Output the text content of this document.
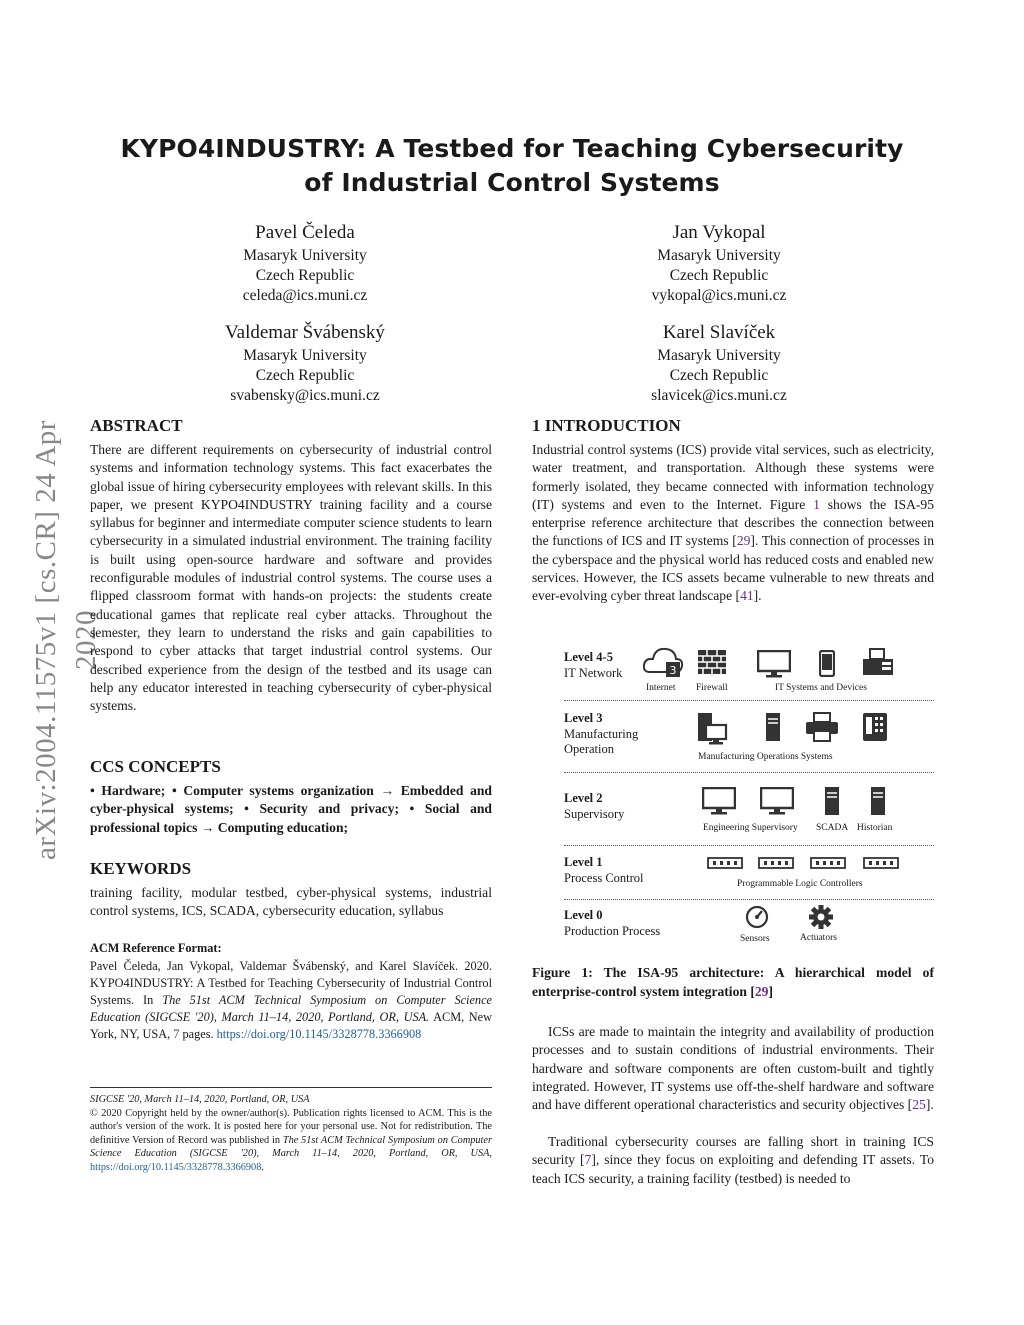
arXiv:2004.11575v1 [cs.CR] 24 Apr 2020
KYPO4INDUSTRY: A Testbed for Teaching Cybersecurity
of Industrial Control Systems
Pavel Čeleda
Masaryk University
Czech Republic
celeda@ics.muni.cz
Jan Vykopal
Masaryk University
Czech Republic
vykopal@ics.muni.cz
Valdemar Švábenský
Masaryk University
Czech Republic
svabensky@ics.muni.cz
Karel Slavíček
Masaryk University
Czech Republic
slavicek@ics.muni.cz
ABSTRACT
There are different requirements on cybersecurity of industrial control systems and information technology systems. This fact exacerbates the global issue of hiring cybersecurity employees with relevant skills. In this paper, we present KYPO4INDUSTRY training facility and a course syllabus for beginner and intermediate computer science students to learn cybersecurity in a simulated industrial environment. The training facility is built using open-source hardware and software and provides reconfigurable modules of industrial control systems. The course uses a flipped classroom format with hands-on projects: the students create educational games that replicate real cyber attacks. Throughout the semester, they learn to understand the risks and gain capabilities to respond to cyber attacks that target industrial control systems. Our described experience from the design of the testbed and its usage can help any educator interested in teaching cybersecurity of cyber-physical systems.
CCS CONCEPTS
• Hardware; • Computer systems organization → Embedded and cyber-physical systems; • Security and privacy; • Social and professional topics → Computing education;
KEYWORDS
training facility, modular testbed, cyber-physical systems, industrial control systems, ICS, SCADA, cybersecurity education, syllabus
ACM Reference Format:
Pavel Čeleda, Jan Vykopal, Valdemar Švábenský, and Karel Slavíček. 2020. KYPO4INDUSTRY: A Testbed for Teaching Cybersecurity of Industrial Control Systems. In The 51st ACM Technical Symposium on Computer Science Education (SIGCSE '20), March 11–14, 2020, Portland, OR, USA. ACM, New York, NY, USA, 7 pages. https://doi.org/10.1145/3328778.3366908
SIGCSE '20, March 11–14, 2020, Portland, OR, USA
© 2020 Copyright held by the owner/author(s). Publication rights licensed to ACM. This is the author's version of the work. It is posted here for your personal use. Not for redistribution. The definitive Version of Record was published in The 51st ACM Technical Symposium on Computer Science Education (SIGCSE '20), March 11–14, 2020, Portland, OR, USA, https://doi.org/10.1145/3328778.3366908.
1 INTRODUCTION
Industrial control systems (ICS) provide vital services, such as electricity, water treatment, and transportation. Although these systems were formerly isolated, they became connected with information technology (IT) systems and even to the Internet. Figure 1 shows the ISA-95 enterprise reference architecture that describes the connection between the functions of ICS and IT systems [29]. This connection of processes in the cyberspace and the physical world has reduced costs and enabled new services. However, the ICS assets became vulnerable to new threats and ever-evolving cyber threat landscape [41].
Level 4-5
IT Network	3
Internet Firewall	IT Systems and Devices
Level 3
Manufacturing Operation
Manufacturing Operations Systems
Level 2
Supervisory
Engineering Supervisory SCADA Historian
Level 1
Process Control	Programmable Logic Controllers
Level 0
Production Process
Sensors	Actuators
Figure 1: The ISA-95 architecture: A hierarchical model of enterprise-control system integration [29]
ICSs are made to maintain the integrity and availability of production processes and to sustain conditions of industrial environments. Their hardware and software components are often custom-built and tightly integrated. However, IT systems use off-the-shelf hardware and software and have different operational characteristics and security objectives [25].
Traditional cybersecurity courses are falling short in training ICS security [7], since they focus on exploiting and defending IT assets. To teach ICS security, a training facility (testbed) is needed to
